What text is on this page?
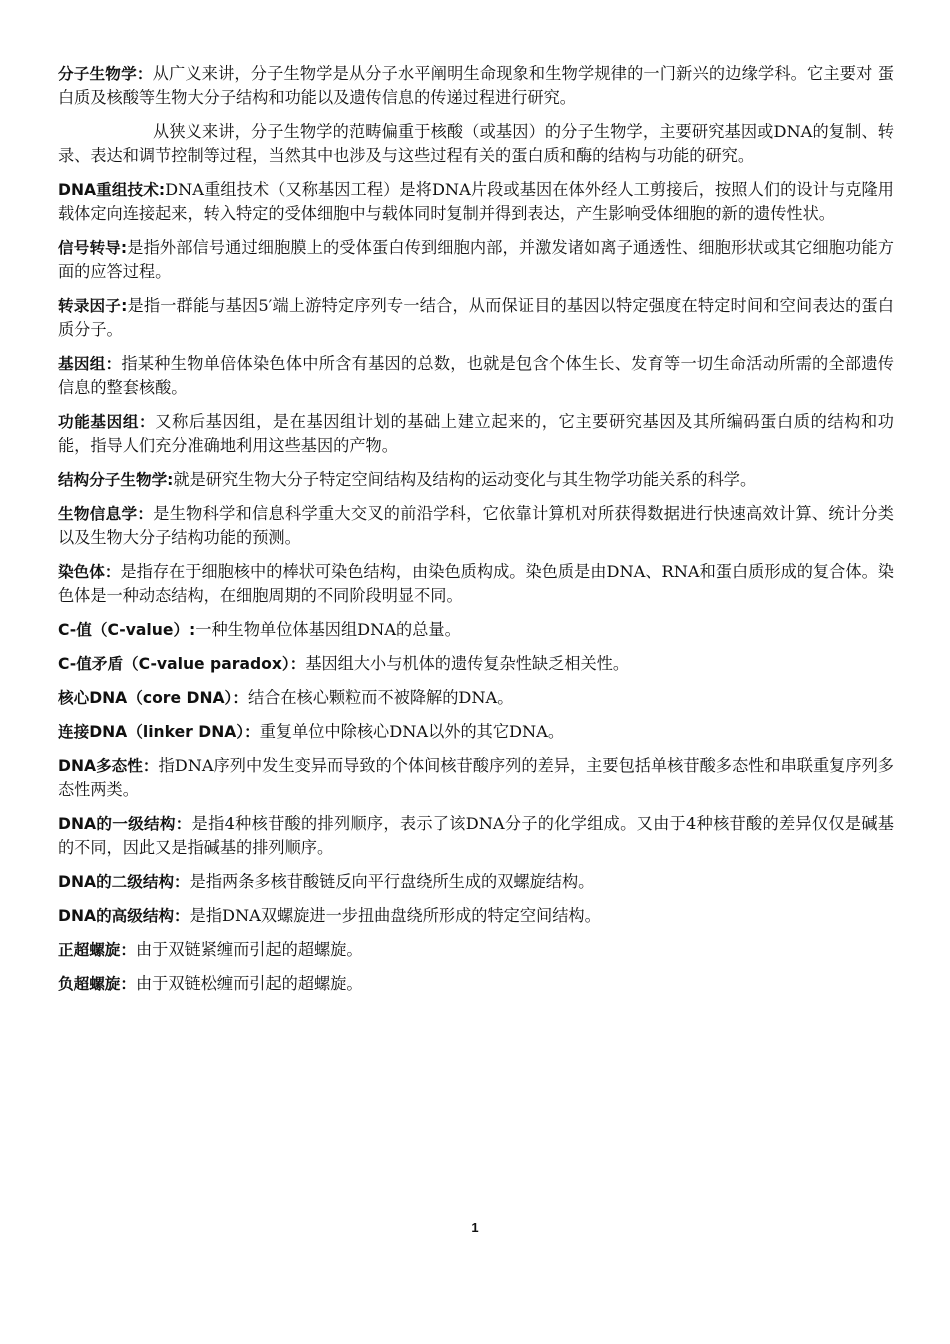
分子生物学：从广义来讲，分子生物学是从分子水平阐明生命现象和生物学规律的一门新兴的边缘学科。它主要对 蛋白质及核酸等生物大分子结构和功能以及遗传信息的传递过程进行研究。

从狭义来讲，分子生物学的范畴偏重于核酸（或基因）的分子生物学，主要研究基因或DNA的复制、转录、表达和调节控制等过程，当然其中也涉及与这些过程有关的蛋白质和酶的结构与功能的研究。

DNA重组技术:DNA重组技术（又称基因工程）是将DNA片段或基因在体外经人工剪接后，按照人们的设计与克隆用载体定向连接起来，转入特定的受体细胞中与载体同时复制并得到表达，产生影响受体细胞的新的遗传性状。

信号转导:是指外部信号通过细胞膜上的受体蛋白传到细胞内部，并激发诸如离子通透性、细胞形状或其它细胞功能方面的应答过程。

转录因子:是指一群能与基因5′端上游特定序列专一结合，从而保证目的基因以特定强度在特定时间和空间表达的蛋白质分子。

基因组：指某种生物单倍体染色体中所含有基因的总数，也就是包含个体生长、发育等一切生命活动所需的全部遗传信息的整套核酸。

功能基因组：又称后基因组，是在基因组计划的基础上建立起来的，它主要研究基因及其所编码蛋白质的结构和功能，指导人们充分准确地利用这些基因的产物。

结构分子生物学:就是研究生物大分子特定空间结构及结构的运动变化与其生物学功能关系的科学。

生物信息学：是生物科学和信息科学重大交叉的前沿学科，它依靠计算机对所获得数据进行快速高效计算、统计分类以及生物大分子结构功能的预测。

染色体：是指存在于细胞核中的棒状可染色结构，由染色质构成。染色质是由DNA、RNA和蛋白质形成的复合体。染色体是一种动态结构，在细胞周期的不同阶段明显不同。

C-值（C-value）:一种生物单位体基因组DNA的总量。

C-值矛盾（C-value paradox）：基因组大小与机体的遗传复杂性缺乏相关性。

核心DNA（core DNA）：结合在核心颗粒而不被降解的DNA。

连接DNA（linker DNA）：重复单位中除核心DNA以外的其它DNA。

DNA多态性：指DNA序列中发生变异而导致的个体间核苷酸序列的差异，主要包括单核苷酸多态性和串联重复序列多态性两类。

DNA的一级结构：是指4种核苷酸的排列顺序，表示了该DNA分子的化学组成。又由于4种核苷酸的差异仅仅是碱基的不同，因此又是指碱基的排列顺序。

DNA的二级结构：是指两条多核苷酸链反向平行盘绕所生成的双螺旋结构。

DNA的高级结构：是指DNA双螺旋进一步扭曲盘绕所形成的特定空间结构。

正超螺旋：由于双链紧缠而引起的超螺旋。

负超螺旋：由于双链松缠而引起的超螺旋。

1
